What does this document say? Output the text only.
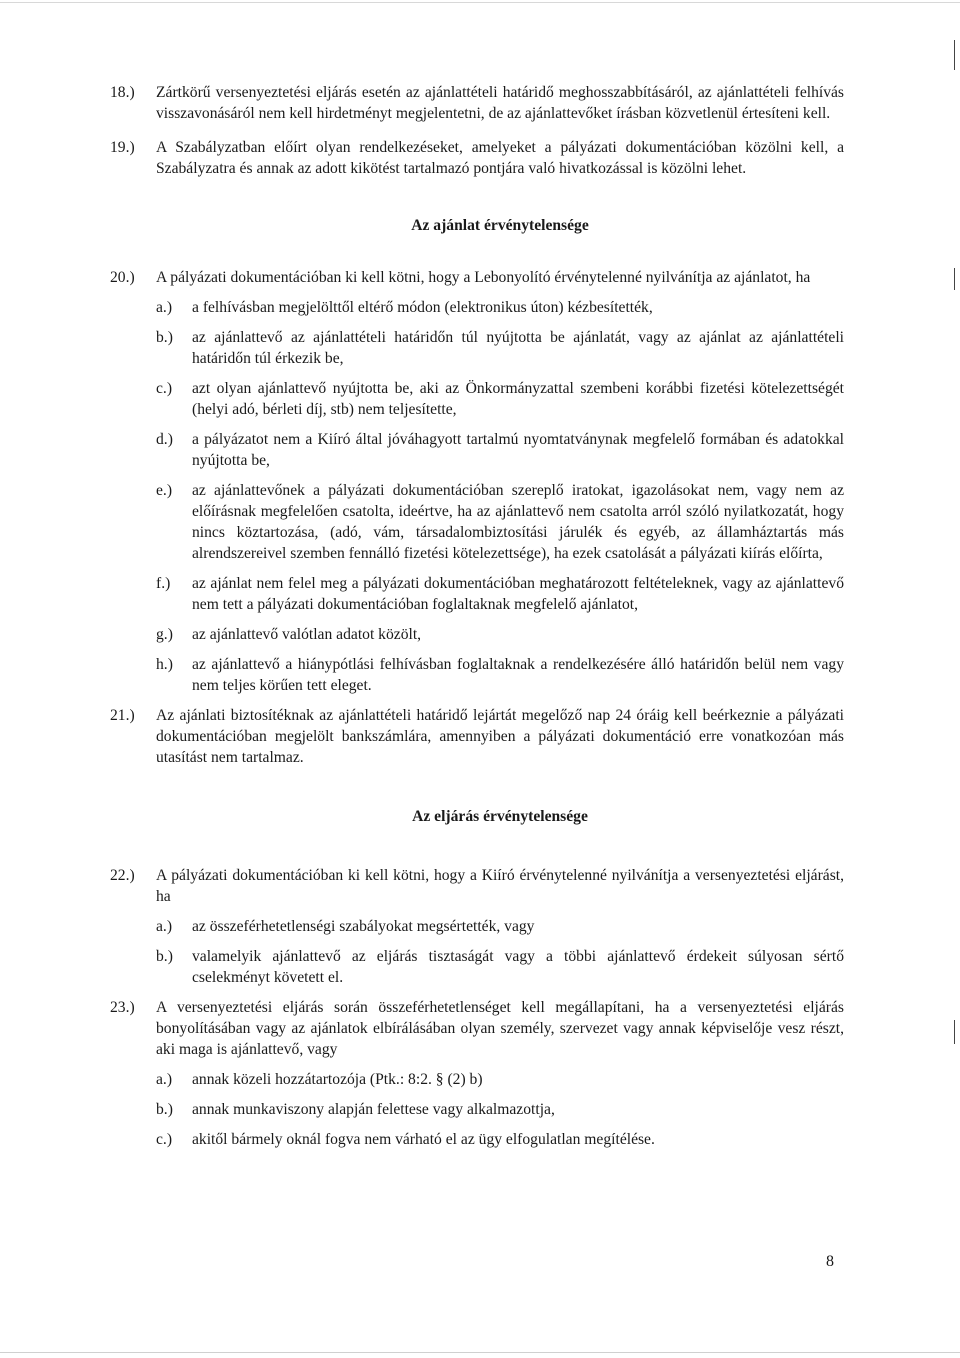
18.) Zártkörű versenyeztetési eljárás esetén az ajánlattételi határidő meghosszabbításáról, az ajánlattételi felhívás visszavonásáról nem kell hirdetményt megjelentetni, de az ajánlattevőket írásban közvetlenül értesíteni kell.
19.) A Szabályzatban előírt olyan rendelkezéseket, amelyeket a pályázati dokumentációban közölni kell, a Szabályzatra és annak az adott kikötést tartalmazó pontjára való hivatkozással is közölni lehet.
Az ajánlat érvénytelensége
20.) A pályázati dokumentációban ki kell kötni, hogy a Lebonyolító érvénytelenné nyilvánítja az ajánlatot, ha
a.) a felhívásban megjelölttől eltérő módon (elektronikus úton) kézbesítették,
b.) az ajánlattevő az ajánlattételi határidőn túl nyújtotta be ajánlatát, vagy az ajánlat az ajánlattételi határidőn túl érkezik be,
c.) azt olyan ajánlattevő nyújtotta be, aki az Önkormányzattal szembeni korábbi fizetési kötelezettségét (helyi adó, bérleti díj, stb) nem teljesítette,
d.) a pályázatot nem a Kiíró által jóváhagyott tartalmú nyomtatványnak megfelelő formában és adatokkal nyújtotta be,
e.) az ajánlattevőnek a pályázati dokumentációban szereplő iratokat, igazolásokat nem, vagy nem az előírásnak megfelelően csatolta, ideértve, ha az ajánlattevő nem csatolta arról szóló nyilatkozatát, hogy nincs köztartozása, (adó, vám, társadalombiztosítási járulék és egyéb, az államháztartás más alrendszereivel szemben fennálló fizetési kötelezettsége), ha ezek csatolását a pályázati kiírás előírta,
f.) az ajánlat nem felel meg a pályázati dokumentációban meghatározott feltételeknek, vagy az ajánlattevő nem tett a pályázati dokumentációban foglaltaknak megfelelő ajánlatot,
g.) az ajánlattevő valótlan adatot közölt,
h.) az ajánlattevő a hiánypótlási felhívásban foglaltaknak a rendelkezésére álló határidőn belül nem vagy nem teljes körűen tett eleget.
21.) Az ajánlati biztosítéknak az ajánlattételi határidő lejártát megelőző nap 24 óráig kell beérkeznie a pályázati dokumentációban megjelölt bankszámlára, amennyiben a pályázati dokumentáció erre vonatkozóan más utasítást nem tartalmaz.
Az eljárás érvénytelensége
22.) A pályázati dokumentációban ki kell kötni, hogy a Kiíró érvénytelenné nyilvánítja a versenyeztetési eljárást, ha
a.) az összeférhetetlenségi szabályokat megsértették, vagy
b.) valamelyik ajánlattevő az eljárás tisztaságát vagy a többi ajánlattevő érdekeit súlyosan sértő cselekményt követett el.
23.) A versenyeztetési eljárás során összeférhetetlenséget kell megállapítani, ha a versenyeztetési eljárás bonyolításában vagy az ajánlatok elbírálásában olyan személy, szervezet vagy annak képviselője vesz részt, aki maga is ajánlattevő, vagy
a.) annak közeli hozzátartozója (Ptk.: 8:2. § (2) b)
b.) annak munkaviszony alapján felettese vagy alkalmazottja,
c.) akitől bármely oknál fogva nem várható el az ügy elfogulatlan megítélése.
8
